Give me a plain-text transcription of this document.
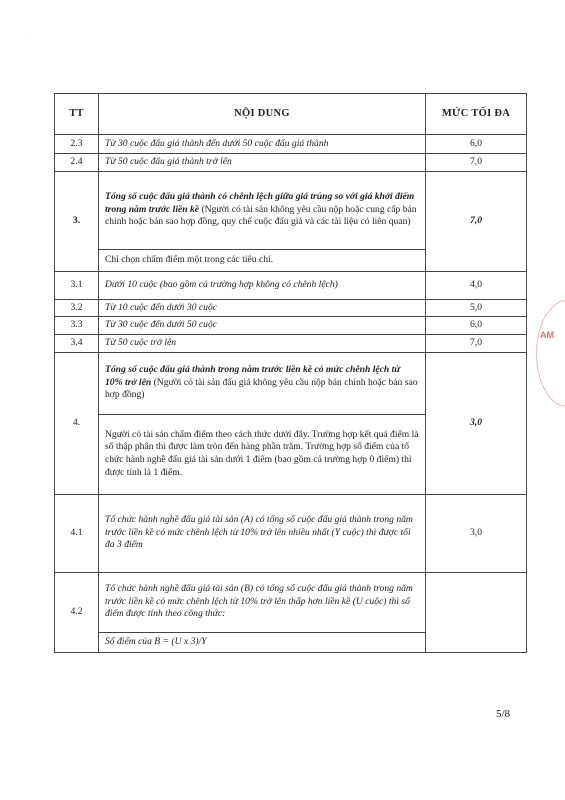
· ·
TT	NỘI DUNG	MỨC TỐI ĐA
2.3	Từ 30 cuộc đấu giá thành đến dưới 50 cuộc đấu giá thành	6,0
2.4	Từ 50 cuộc đấu giá thành trở lên	7,0
3.	Tổng số cuộc đấu giá thành có chênh lệch giữa giá trúng so với giá khởi điểm trong năm trước liền kề (Người có tài sản không yêu cầu nộp hoặc cung cấp bản chính hoặc bản sao hợp đồng, quy chế cuộc đấu giá và các tài liệu có liên quan)	7,0
	Chỉ chọn chấm điểm một trong các tiêu chí.	
3.1	Dưới 10 cuộc (bao gồm cả trường hợp không có chênh lệch)	4,0
3.2	Từ 10 cuộc đến dưới 30 cuộc	5,0
3.3	Từ 30 cuộc đến dưới 50 cuộc	6,0
3.4	Từ 50 cuộc trở lên	7,0
4.	Tổng số cuộc đấu giá thành trong năm trước liền kề có mức chênh lệch từ 10% trở lên (Người có tài sản đấu giá không yêu cầu nộp bản chính hoặc bản sao hợp đồng)	3,0
	Người có tài sản chấm điểm theo cách thức dưới đây. Trường hợp kết quả điểm là số thập phân thì được làm tròn đến hàng phần trăm. Trường hợp số điểm của tổ chức hành nghề đấu giá tài sản dưới 1 điểm (bao gồm cả trường hợp 0 điểm) thì được tính là 1 điểm.	
4.1	Tổ chức hành nghề đấu giá tài sản (A) có tổng số cuộc đấu giá thành trong năm trước liền kề có mức chênh lệch từ 10% trở lên nhiều nhất (Y cuộc) thì được tối đa 3 điểm	3,0
4.2	Tổ chức hành nghề đấu giá tài sản (B) có tổng số cuộc đấu giá thành trong năm trước liền kề có mức chênh lệch từ 10% trở lên thấp hơn liền kề (U cuộc) thì số điểm được tính theo công thức:	
	Số điểm của B = (U x 3)/Y	
AM
5/8
